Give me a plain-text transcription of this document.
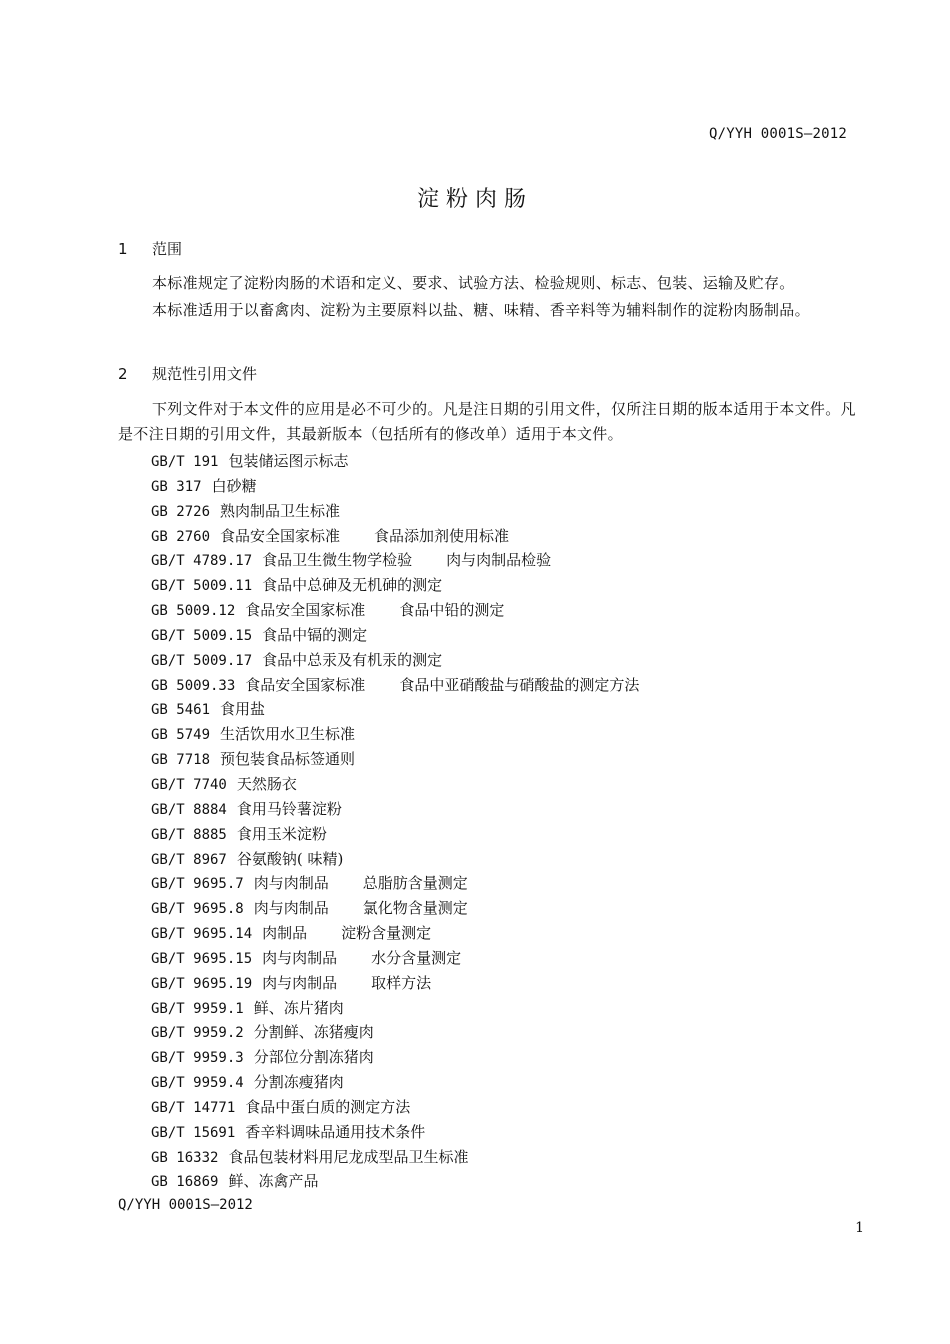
Q/YYH 0001S—2012
淀粉肉肠
1 范围
本标准规定了淀粉肉肠的术语和定义、要求、试验方法、检验规则、标志、包装、运输及贮存。
本标准适用于以畜禽肉、淀粉为主要原料以盐、糖、味精、香辛料等为辅料制作的淀粉肉肠制品。
2 规范性引用文件
下列文件对于本文件的应用是必不可少的。凡是注日期的引用文件，仅所注日期的版本适用于本文件。凡是不注日期的引用文件，其最新版本（包括所有的修改单）适用于本文件。
GB/T 191 包装储运图示标志
GB 317 白砂糖
GB 2726 熟肉制品卫生标准
GB 2760 食品安全国家标准 食品添加剂使用标准
GB/T 4789.17 食品卫生微生物学检验 肉与肉制品检验
GB/T 5009.11 食品中总砷及无机砷的测定
GB 5009.12 食品安全国家标准 食品中铅的测定
GB/T 5009.15 食品中镉的测定
GB/T 5009.17 食品中总汞及有机汞的测定
GB 5009.33 食品安全国家标准 食品中亚硝酸盐与硝酸盐的测定方法
GB 5461 食用盐
GB 5749 生活饮用水卫生标准
GB 7718 预包装食品标签通则
GB/T 7740 天然肠衣
GB/T 8884 食用马铃薯淀粉
GB/T 8885 食用玉米淀粉
GB/T 8967 谷氨酸钠( 味精)
GB/T 9695.7 肉与肉制品 总脂肪含量测定
GB/T 9695.8 肉与肉制品 氯化物含量测定
GB/T 9695.14 肉制品 淀粉含量测定
GB/T 9695.15 肉与肉制品 水分含量测定
GB/T 9695.19 肉与肉制品 取样方法
GB/T 9959.1 鲜、冻片猪肉
GB/T 9959.2 分割鲜、冻猪瘦肉
GB/T 9959.3 分部位分割冻猪肉
GB/T 9959.4 分割冻瘦猪肉
GB/T 14771 食品中蛋白质的测定方法
GB/T 15691 香辛料调味品通用技术条件
GB 16332 食品包装材料用尼龙成型品卫生标准
GB 16869 鲜、冻禽产品
Q/YYH 0001S—2012
1
